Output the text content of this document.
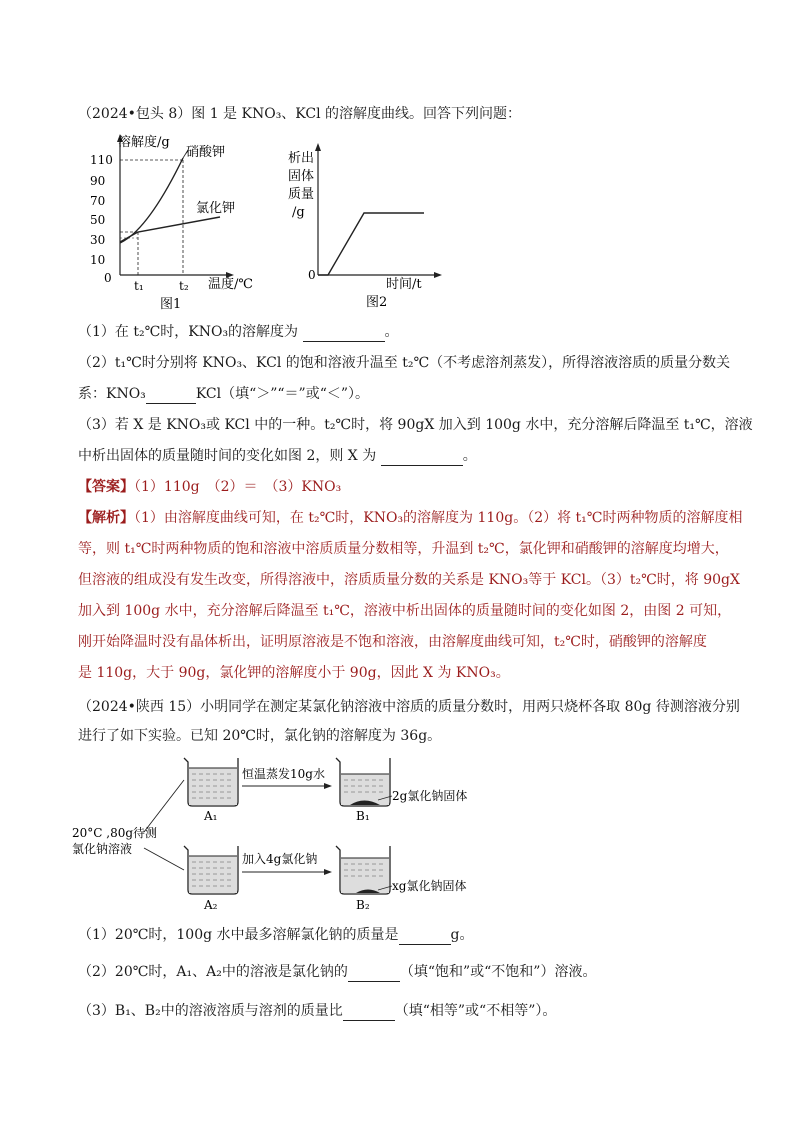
（2024•包头 8）图 1 是 KNO₃、KCl 的溶解度曲线。回答下列问题：
溶解度/g
温度/℃
0
110
90
70
50
30
10
t₁	t₂
硝酸钾
氯化钾
图1
析出
固体
质量
/g
0
时间/t
图2
（1）在 t₂℃时，KNO₃的溶解度为	。
（2）t₁℃时分别将 KNO₃、KCl 的饱和溶液升温至 t₂℃（不考虑溶剂蒸发），所得溶液溶质的质量分数关
系：KNO₃	KCl（填“＞”“＝”或“＜”）。
（3）若 X 是 KNO₃或 KCl 中的一种。t₂℃时，将 90gX 加入到 100g 水中，充分溶解后降温至 t₁℃，溶液
中析出固体的质量随时间的变化如图 2，则 X 为	。
【答案】（1）110g　（2）＝　（3）KNO₃
【解析】（1）由溶解度曲线可知，在 t₂℃时，KNO₃的溶解度为 110g。（2）将 t₁℃时两种物质的溶解度相
等，则 t₁℃时两种物质的饱和溶液中溶质质量分数相等，升温到 t₂℃，氯化钾和硝酸钾的溶解度均增大，
但溶液的组成没有发生改变，所得溶液中，溶质质量分数的关系是 KNO₃等于 KCl。（3）t₂℃时，将 90gX
加入到 100g 水中，充分溶解后降温至 t₁℃，溶液中析出固体的质量随时间的变化如图 2，由图 2 可知，
刚开始降温时没有晶体析出，证明原溶液是不饱和溶液，由溶解度曲线可知，t₂℃时，硝酸钾的溶解度
是 110g，大于 90g，氯化钾的溶解度小于 90g，因此 X 为 KNO₃。
（2024•陕西 15）小明同学在测定某氯化钠溶液中溶质的质量分数时，用两只烧杯各取 80g 待测溶液分别
进行了如下实验。已知 20℃时，氯化钠的溶解度为 36g。
A₁
恒温蒸发10g水
2g氯化钠固体
B₁
20°C ,80g待测
氯化钠溶液
A₂
加入4g氯化钠
xg氯化钠固体
B₂
（1）20℃时，100g 水中最多溶解氯化钠的质量是	g。
（2）20℃时，A₁、A₂中的溶液是氯化钠的	（填“饱和”或“不饱和”）溶液。
（3）B₁、B₂中的溶液溶质与溶剂的质量比	（填“相等”或“不相等”）。
